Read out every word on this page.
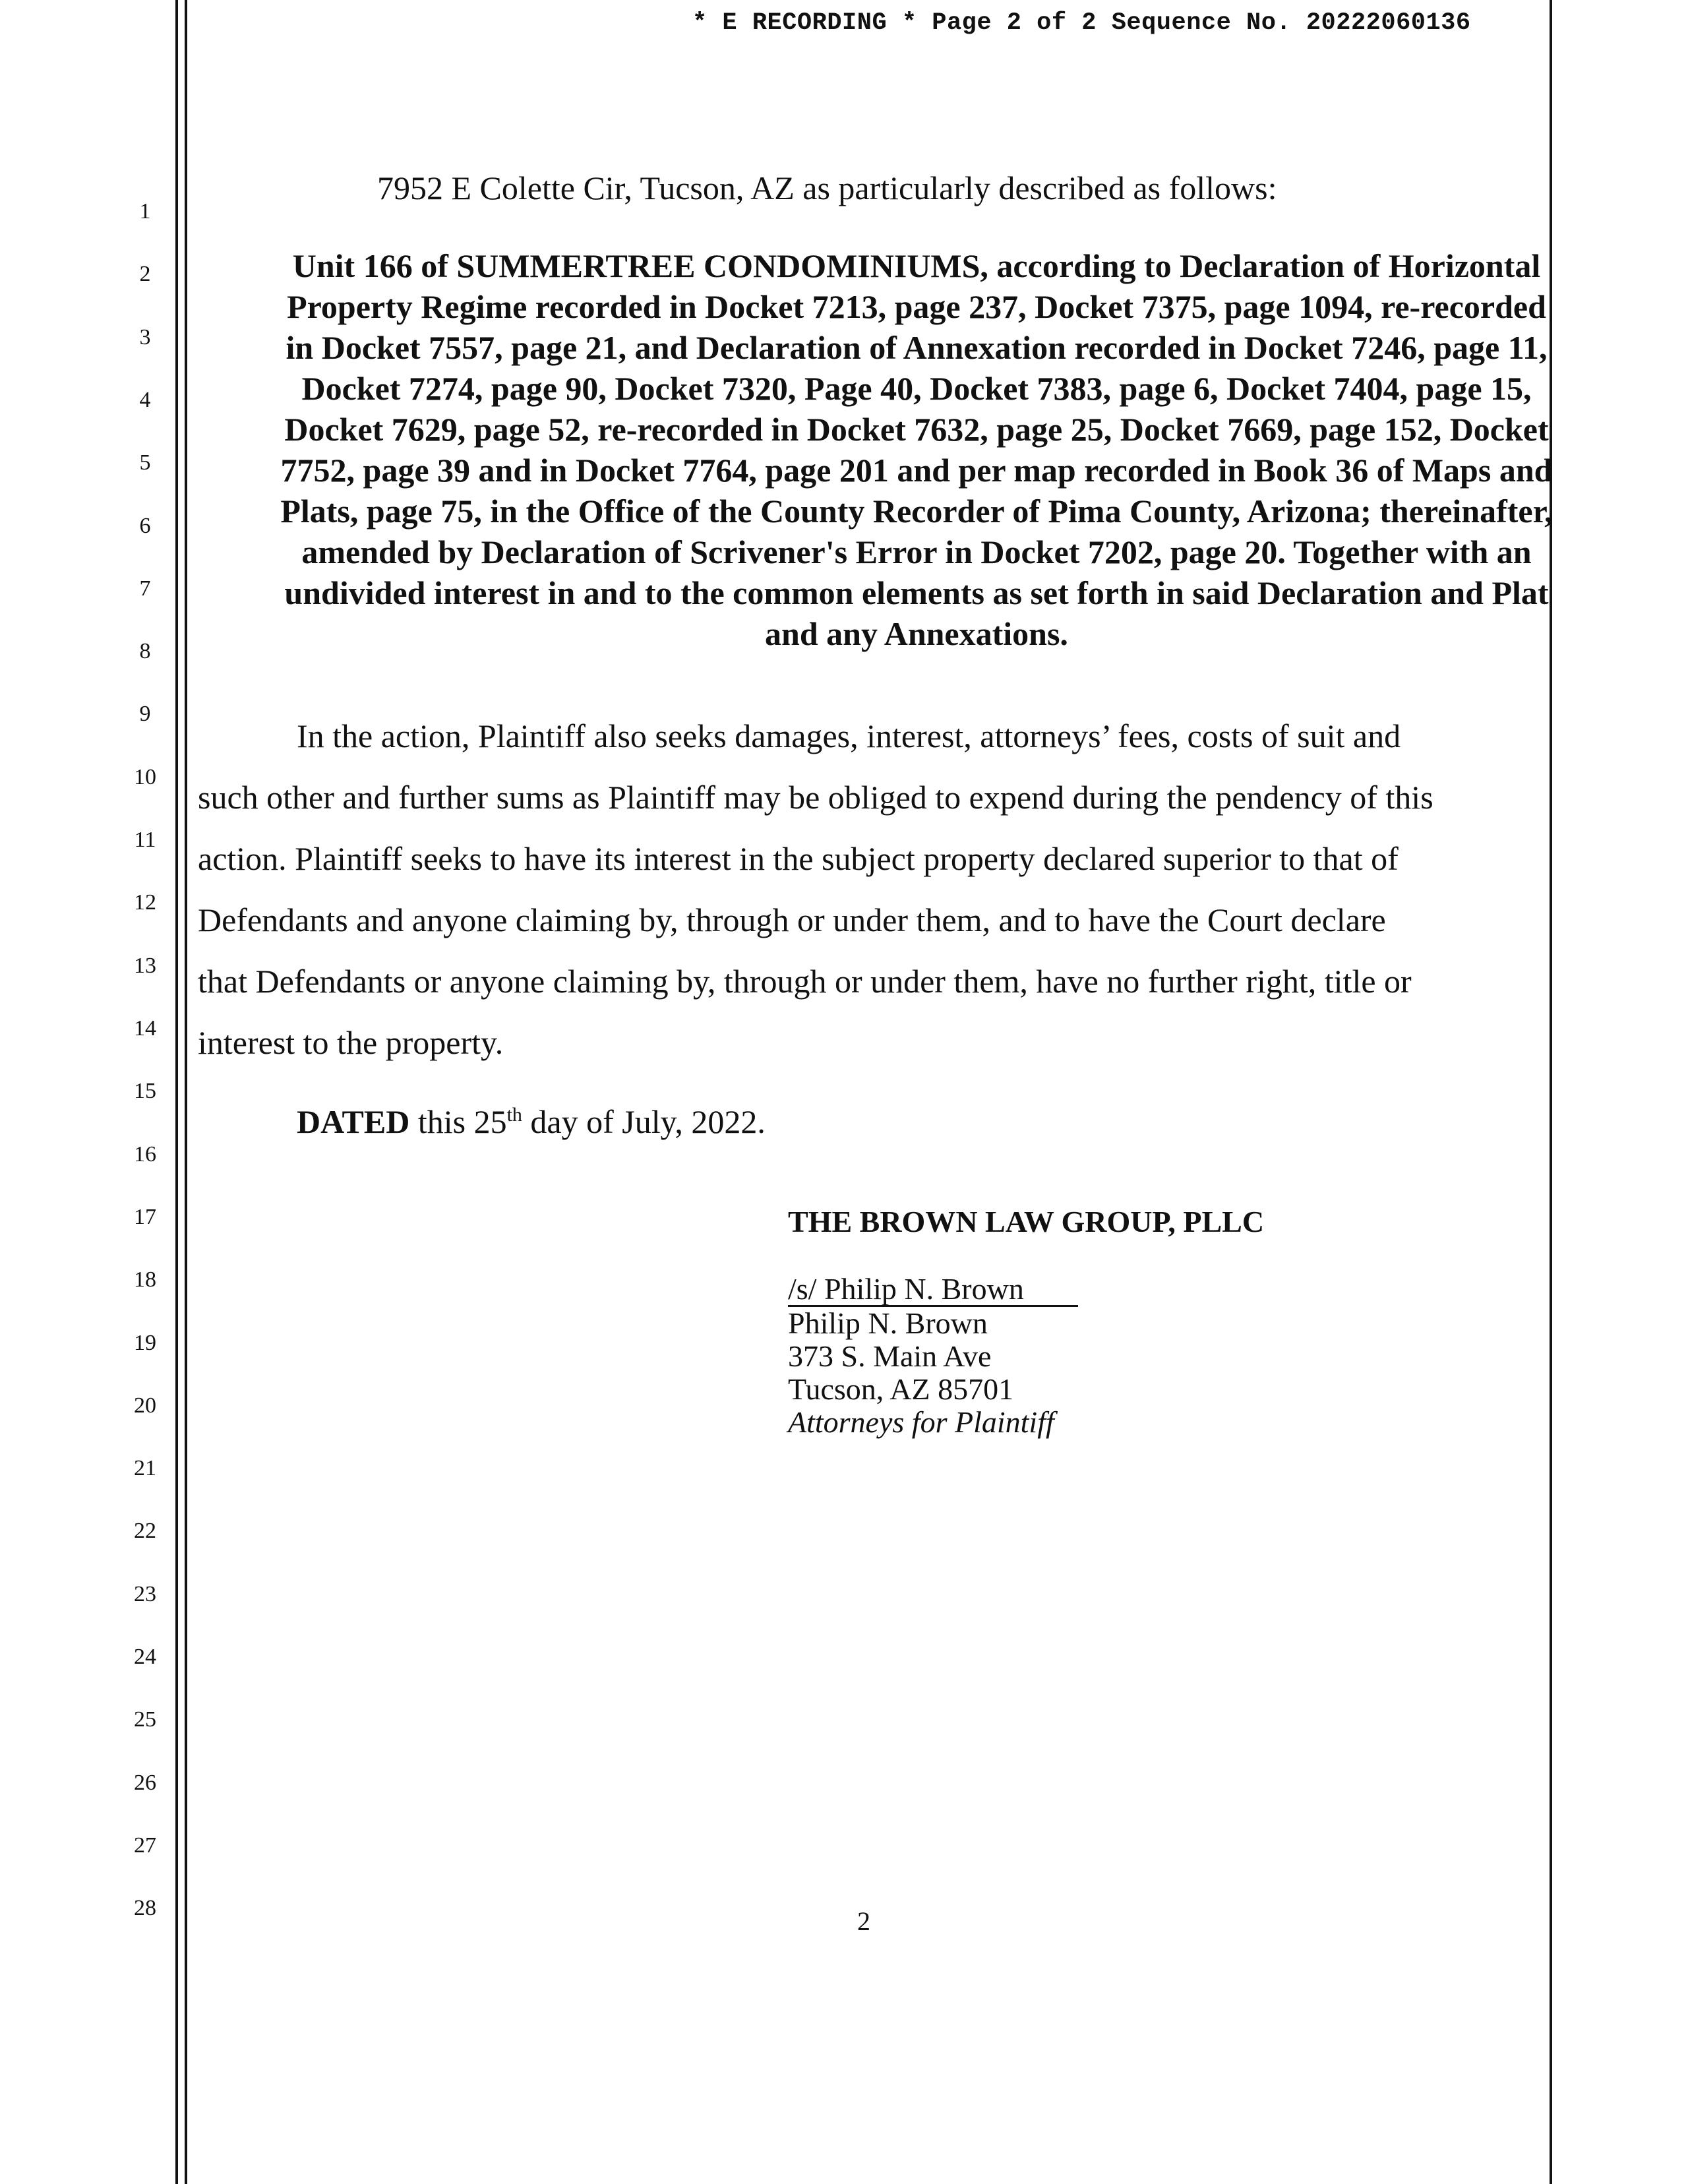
* E RECORDING * Page 2 of 2 Sequence No. 20222060136
1
2
3
4
5
6
7
8
9
10
11
12
13
14
15
16
17
18
19
20
21
22
23
24
25
26
27
28
7952 E Colette Cir, Tucson, AZ as particularly described as follows:

Unit 166 of SUMMERTREE CONDOMINIUMS, according to Declaration of Horizontal Property Regime recorded in Docket 7213, page 237, Docket 7375, page 1094, re-recorded in Docket 7557, page 21, and Declaration of Annexation recorded in Docket 7246, page 11, Docket 7274, page 90, Docket 7320, Page 40, Docket 7383, page 6, Docket 7404, page 15, Docket 7629, page 52, re-recorded in Docket 7632, page 25, Docket 7669, page 152, Docket 7752, page 39 and in Docket 7764, page 201 and per map recorded in Book 36 of Maps and Plats, page 75, in the Office of the County Recorder of Pima County, Arizona; thereinafter, amended by Declaration of Scrivener's Error in Docket 7202, page 20. Together with an undivided interest in and to the common elements as set forth in said Declaration and Plat and any Annexations.

In the action, Plaintiff also seeks damages, interest, attorneys’ fees, costs of suit and
such other and further sums as Plaintiff may be obliged to expend during the pendency of this
action. Plaintiff seeks to have its interest in the subject property declared superior to that of
Defendants and anyone claiming by, through or under them, and to have the Court declare
that Defendants or anyone claiming by, through or under them, have no further right, title or
interest to the property.

DATED this 25th day of July, 2022.
THE BROWN LAW GROUP, PLLC
/s/ Philip N. Brown
Philip N. Brown
373 S. Main Ave
Tucson, AZ 85701
Attorneys for Plaintiff
2
